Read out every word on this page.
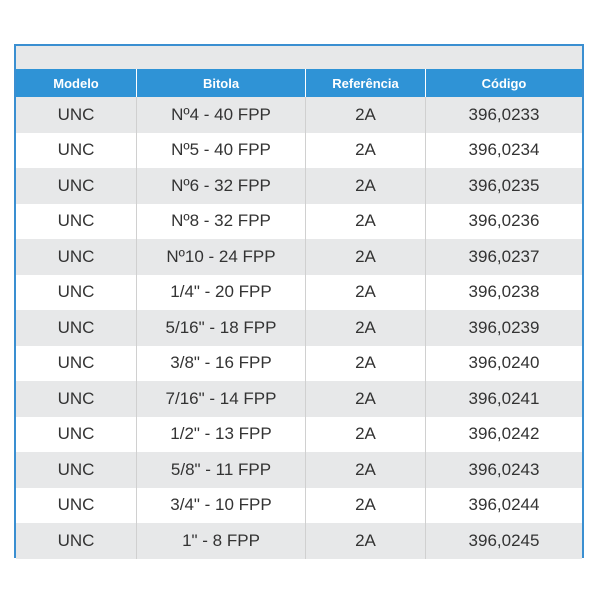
Modelo	Bitola	Referência	Código
UNC	Nº4 - 40 FPP	2A	396,0233
UNC	Nº5 - 40 FPP	2A	396,0234
UNC	Nº6 - 32 FPP	2A	396,0235
UNC	Nº8 - 32 FPP	2A	396,0236
UNC	Nº10 - 24 FPP	2A	396,0237
UNC	1/4" - 20 FPP	2A	396,0238
UNC	5/16" - 18 FPP	2A	396,0239
UNC	3/8" - 16 FPP	2A	396,0240
UNC	7/16" - 14 FPP	2A	396,0241
UNC	1/2" - 13 FPP	2A	396,0242
UNC	5/8" - 11 FPP	2A	396,0243
UNC	3/4" - 10 FPP	2A	396,0244
UNC	1" - 8 FPP	2A	396,0245
